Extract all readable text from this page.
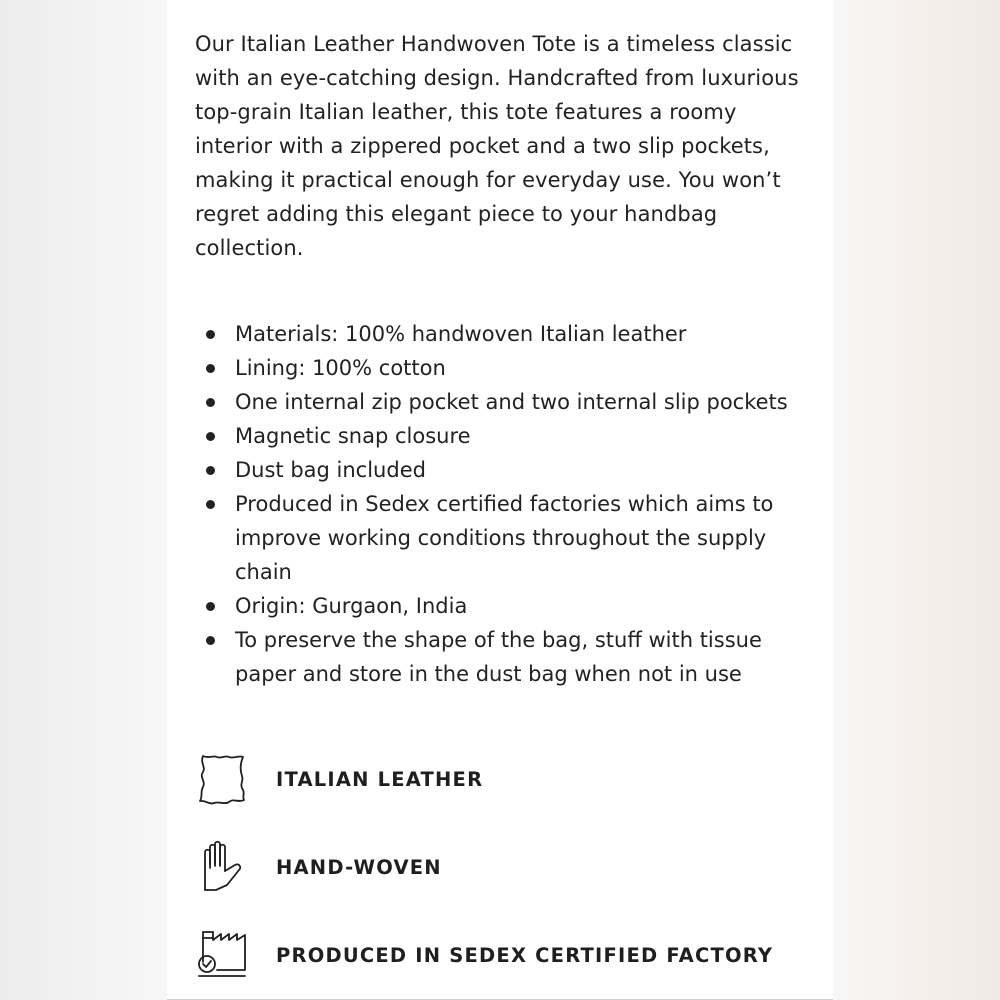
Our Italian Leather Handwoven Tote is a timeless classic with an eye-catching design. Handcrafted from luxurious top-grain Italian leather, this tote features a roomy interior with a zippered pocket and a two slip pockets, making it practical enough for everyday use. You won’t regret adding this elegant piece to your handbag collection.

Materials: 100% handwoven Italian leather
Lining: 100% cotton
One internal zip pocket and two internal slip pockets
Magnetic snap closure
Dust bag included
Produced in Sedex certified factories which aims to improve working conditions throughout the supply chain
Origin: Gurgaon, India
To preserve the shape of the bag, stuff with tissue paper and store in the dust bag when not in use
ITALIAN LEATHER
HAND-WOVEN
PRODUCED IN SEDEX CERTIFIED FACTORY
